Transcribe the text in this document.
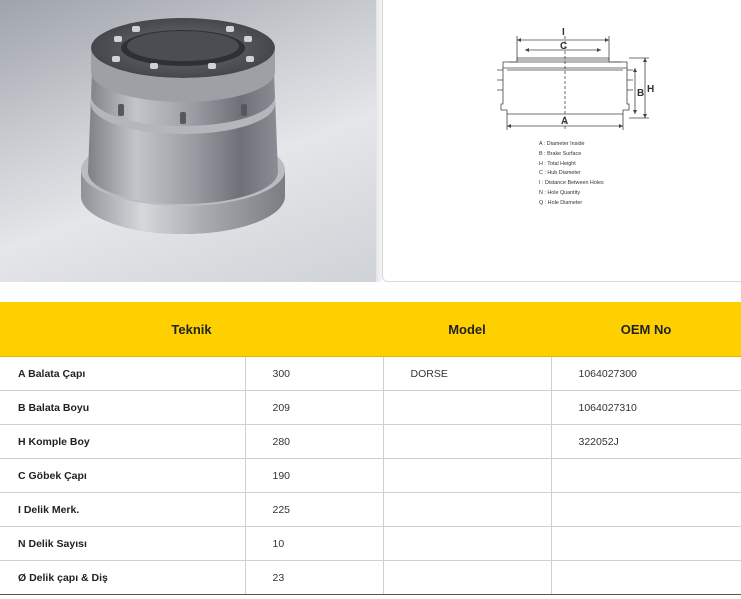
I
C
A
B H
A : Diameter Inside
B : Brake Surface
H : Total Height
C : Hub Diameter
I : Distance Between Holes
N : Hole Quantity
Q : Hole Diameter
Teknik		Model	OEM No
A Balata Çapı	300	DORSE	1064027300
B Balata Boyu	209		1064027310
H Komple Boy	280		322052J
C Göbek Çapı	190		
I Delik Merk.	225		
N Delik Sayısı	10		
Ø Delik çapı & Diş	23		
